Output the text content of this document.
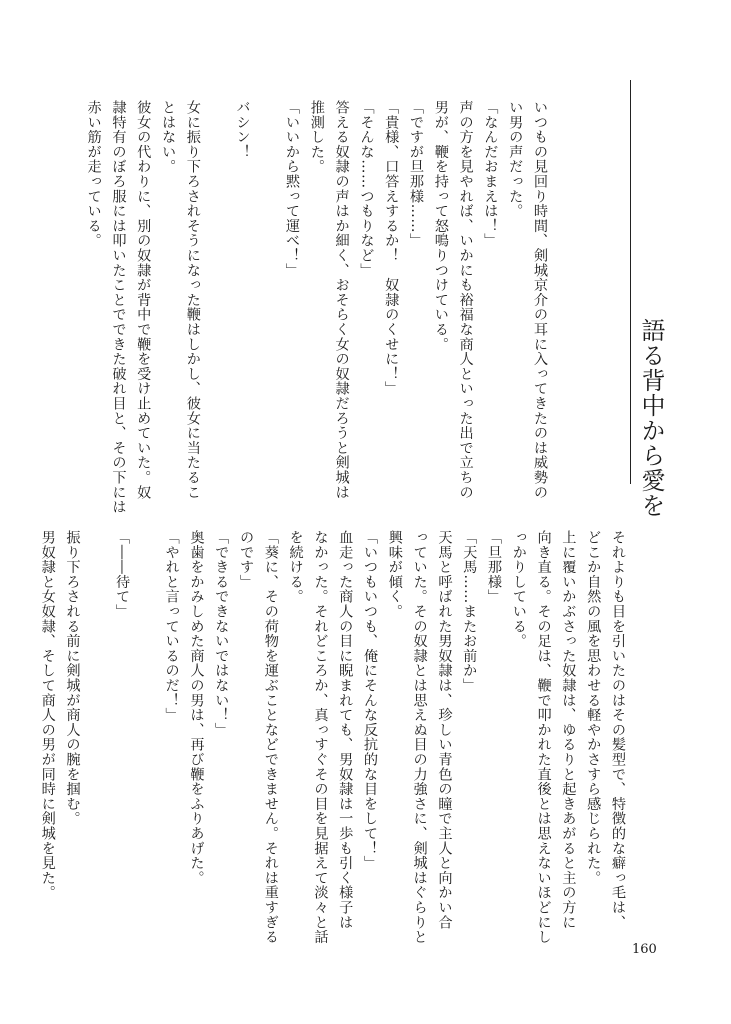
語る背中から愛を
いつもの見回り時間、剣城京介の耳に入ってきたのは威勢の
い男の声だった。
「なんだおまえは！」
声の方を見やれば、いかにも裕福な商人といった出で立ちの
男が、鞭を持って怒鳴りつけている。
「ですが旦那様……」
「貴様、口答えするか！　奴隷のくせに！」
「そんな……つもりなど」
答える奴隷の声はか細く、おそらく女の奴隷だろうと剣城は
推測した。
「いいから黙って運べ！」

バシン！

女に振り下ろされそうになった鞭はしかし、彼女に当たるこ
とはない。
彼女の代わりに、別の奴隷が背中で鞭を受け止めていた。奴
隷特有のぼろ服には叩いたことでできた破れ目と、その下には
赤い筋が走っている。
それよりも目を引いたのはその髪型で、特徴的な癖っ毛は、
どこか自然の風を思わせる軽やかさすら感じられた。
上に覆いかぶさった奴隷は、ゆるりと起きあがると主の方に
向き直る。その足は、鞭で叩かれた直後とは思えないほどにし
っかりしている。
「旦那様」
「天馬……またお前か」
天馬と呼ばれた男奴隷は、珍しい青色の瞳で主人と向かい合
っていた。その奴隷とは思えぬ目の力強さに、剣城はぐらりと
興味が傾く。
「いつもいつも、俺にそんな反抗的な目をして！」
血走った商人の目に睨まれても、男奴隷は一歩も引く様子は
なかった。それどころか、真っすぐその目を見据えて淡々と話
を続ける。
「葵に、その荷物を運ぶことなどできません。それは重すぎる
のです」
「できるできないではない！」
奥歯をかみしめた商人の男は、再び鞭をふりあげた。
「やれと言っているのだ！」

「――待て」

振り下ろされる前に剣城が商人の腕を掴む。
男奴隷と女奴隷、そして商人の男が同時に剣城を見た。
160
